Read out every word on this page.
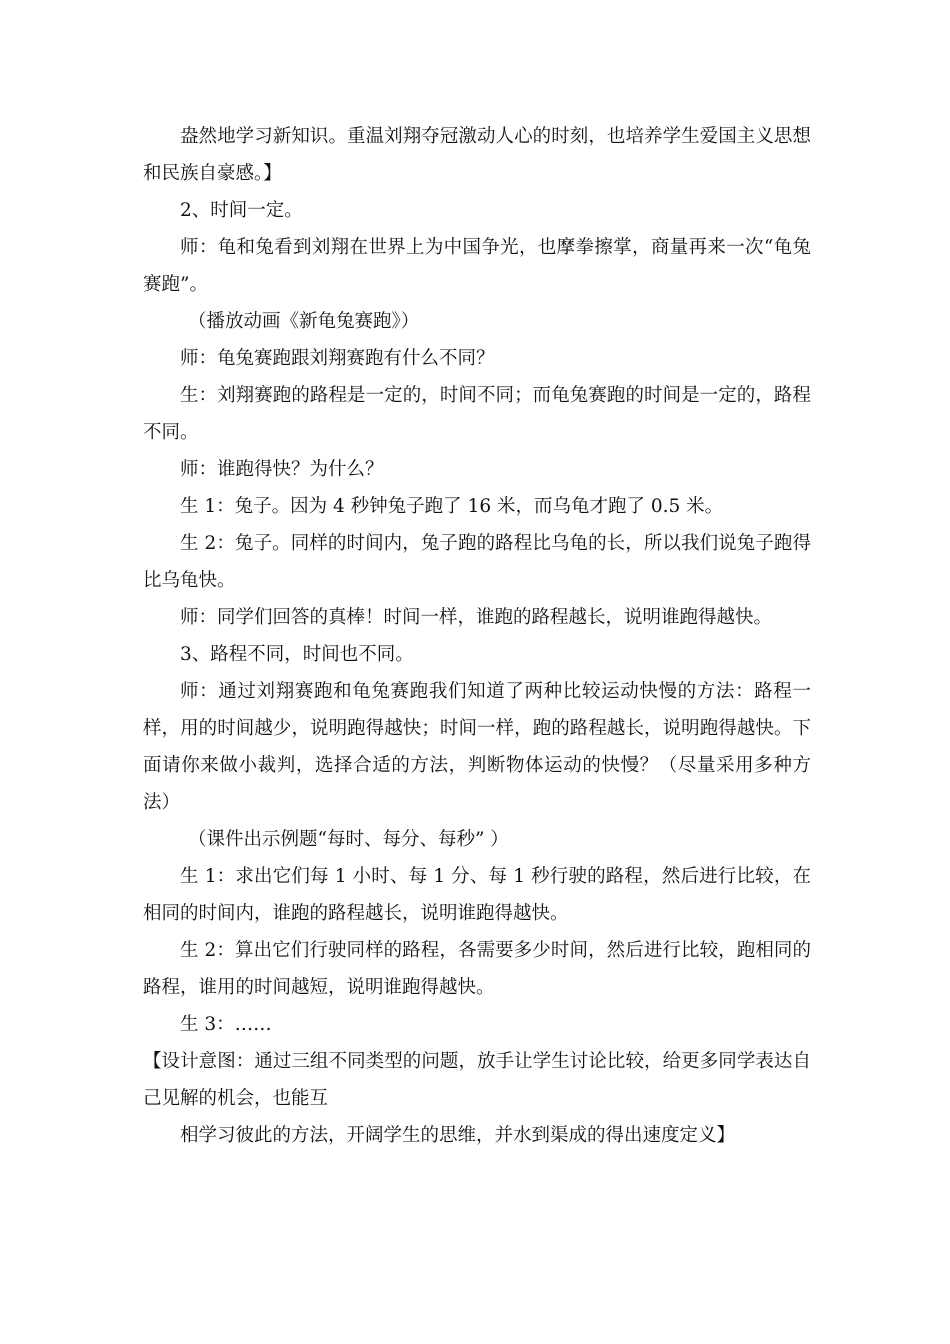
盎然地学习新知识。重温刘翔夺冠激动人心的时刻，也培养学生爱国主义思想和民族自豪感。】

2、时间一定。

师：龟和兔看到刘翔在世界上为中国争光，也摩拳擦掌，商量再来一次“龟兔赛跑”。

（播放动画《新龟兔赛跑》）

师：龟兔赛跑跟刘翔赛跑有什么不同？

生：刘翔赛跑的路程是一定的，时间不同；而龟兔赛跑的时间是一定的，路程不同。

师：谁跑得快？为什么？

生 1：兔子。因为 4 秒钟兔子跑了 16 米，而乌龟才跑了 0.5 米。

生 2：兔子。同样的时间内，兔子跑的路程比乌龟的长，所以我们说兔子跑得比乌龟快。

师：同学们回答的真棒！时间一样，谁跑的路程越长，说明谁跑得越快。

3、路程不同，时间也不同。

师：通过刘翔赛跑和龟兔赛跑我们知道了两种比较运动快慢的方法：路程一样，用的时间越少，说明跑得越快；时间一样，跑的路程越长，说明跑得越快。下面请你来做小裁判，选择合适的方法，判断物体运动的快慢？（尽量采用多种方法）

（课件出示例题“每时、每分、每秒” ）

生 1：求出它们每 1 小时、每 1 分、每 1 秒行驶的路程，然后进行比较，在相同的时间内，谁跑的路程越长，说明谁跑得越快。

生 2：算出它们行驶同样的路程，各需要多少时间，然后进行比较，跑相同的路程，谁用的时间越短，说明谁跑得越快。

生 3：……

【设计意图：通过三组不同类型的问题，放手让学生讨论比较，给更多同学表达自己见解的机会，也能互

相学习彼此的方法，开阔学生的思维，并水到渠成的得出速度定义】
